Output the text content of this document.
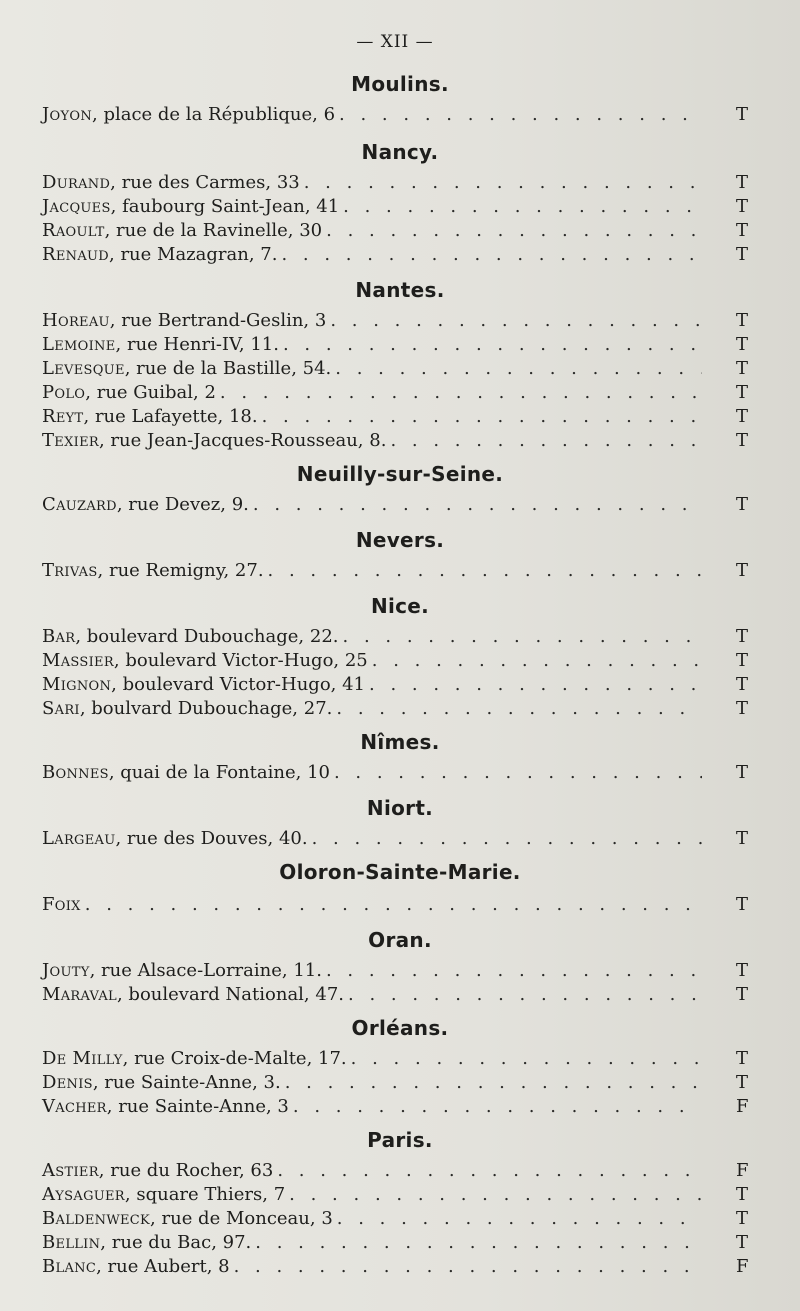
— XII —
Moulins.
Joyon , place de la République, 6 . . .	T
Nancy.
Durand , rue des Carmes, 33 . . .	T
Jacques , faubourg Saint-Jean, 41 . . .	T
Raoult , rue de la Ravinelle, 30 . . .	T
Renaud , rue Mazagran, 7. . . .	T
Nantes.
Horeau , rue Bertrand-Geslin, 3 . . .	T
Lemoine , rue Henri-IV, 11. . . .	T
Levesque , rue de la Bastille, 54. . . .	T
Polo , rue Guibal, 2 . . .	T
Reyt , rue Lafayette, 18. . . .	T
Texier , rue Jean-Jacques-Rousseau, 8. . . .	T
Neuilly-sur-Seine.
Cauzard , rue Devez, 9. . . .	T
Nevers.
Trivas , rue Remigny, 27. . . .	T
Nice.
Bar , boulevard Dubouchage, 22. . . .	T
Massier , boulevard Victor-Hugo, 25 . . .	T
Mignon , boulevard Victor-Hugo, 41 . . .	T
Sari , boulvard Dubouchage, 27. . . .	T
Nîmes.
Bonnes , quai de la Fontaine, 10 . . .	T
Niort.
Largeau , rue des Douves, 40. . . .	T
Oloron-Sainte-Marie.
Foix . . .	T
Oran.
Jouty , rue Alsace-Lorraine, 11. . . .	T
Maraval , boulevard National, 47. . . .	T
Orléans.
De Milly , rue Croix-de-Malte, 17. . . .	T
Denis , rue Sainte-Anne, 3. . . .	T
Vacher , rue Sainte-Anne, 3 . . .	F
Paris.
Astier , rue du Rocher, 63 . . .	F
Aysaguer , square Thiers, 7 . . .	T
Baldenweck , rue de Monceau, 3 . . .	T
Bellin , rue du Bac, 97. . . .	T
Blanc , rue Aubert, 8 . . .	F
